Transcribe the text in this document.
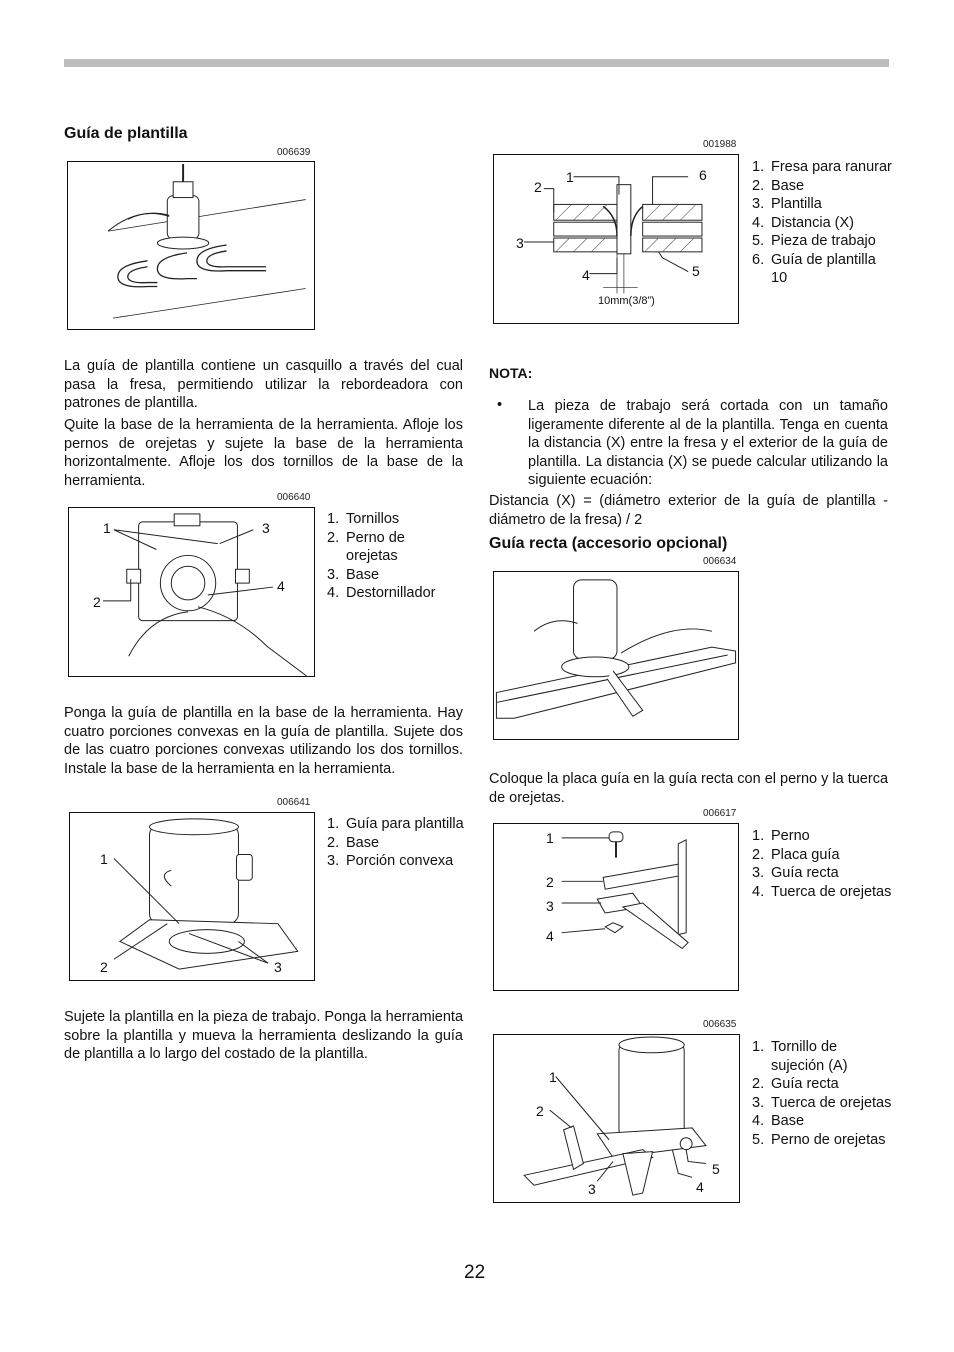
Guía de plantilla
006639

La guía de plantilla contiene un casquillo a través del cual pasa la fresa, permitiendo utilizar la rebordeadora con patrones de plantilla.

Quite la base de la herramienta de la herramienta. Afloje los pernos de orejetas y sujete la base de la herramienta horizontalmente. Afloje los dos tornillos de la base de la herramienta.

006640
1
2
3
4
1. Tornillos
2. Perno de orejetas
3. Base
4. Destornillador

Ponga la guía de plantilla en la base de la herramienta. Hay cuatro porciones convexas en la guía de plantilla. Sujete dos de las cuatro porciones convexas utilizando los dos tornillos. Instale la base de la herramienta en la herramienta.

006641
1
2	3
1. Guía para plantilla
2. Base
3. Porción convexa

Sujete la plantilla en la pieza de trabajo. Ponga la herramienta sobre la plantilla y mueva la herramienta deslizando la guía de plantilla a lo largo del costado de la plantilla.

001988
2
1
3
4	5
6
10mm(3/8”)
1. Fresa para ranurar
2. Base
3. Plantilla
4. Distancia (X)
5. Pieza de trabajo
6. Guía de plantilla 10
NOTA:
• La pieza de trabajo será cortada con un tamaño ligeramente diferente al de la plantilla. Tenga en cuenta la distancia (X) entre la fresa y el exterior de la guía de plantilla. La distancia (X) se puede calcular utilizando la siguiente ecuación:

Distancia (X) = (diámetro exterior de la guía de plantilla - diámetro de la fresa) / 2

Guía recta (accesorio opcional)
006634

Coloque la placa guía en la guía recta con el perno y la tuerca de orejetas.

006617
1
2
3
4
1. Perno
2. Placa guía
3. Guía recta
4. Tuerca de orejetas
006635
1
2
3	4
5
1. Tornillo de sujeción (A)
2. Guía recta
3. Tuerca de orejetas
4. Base
5. Perno de orejetas
22
